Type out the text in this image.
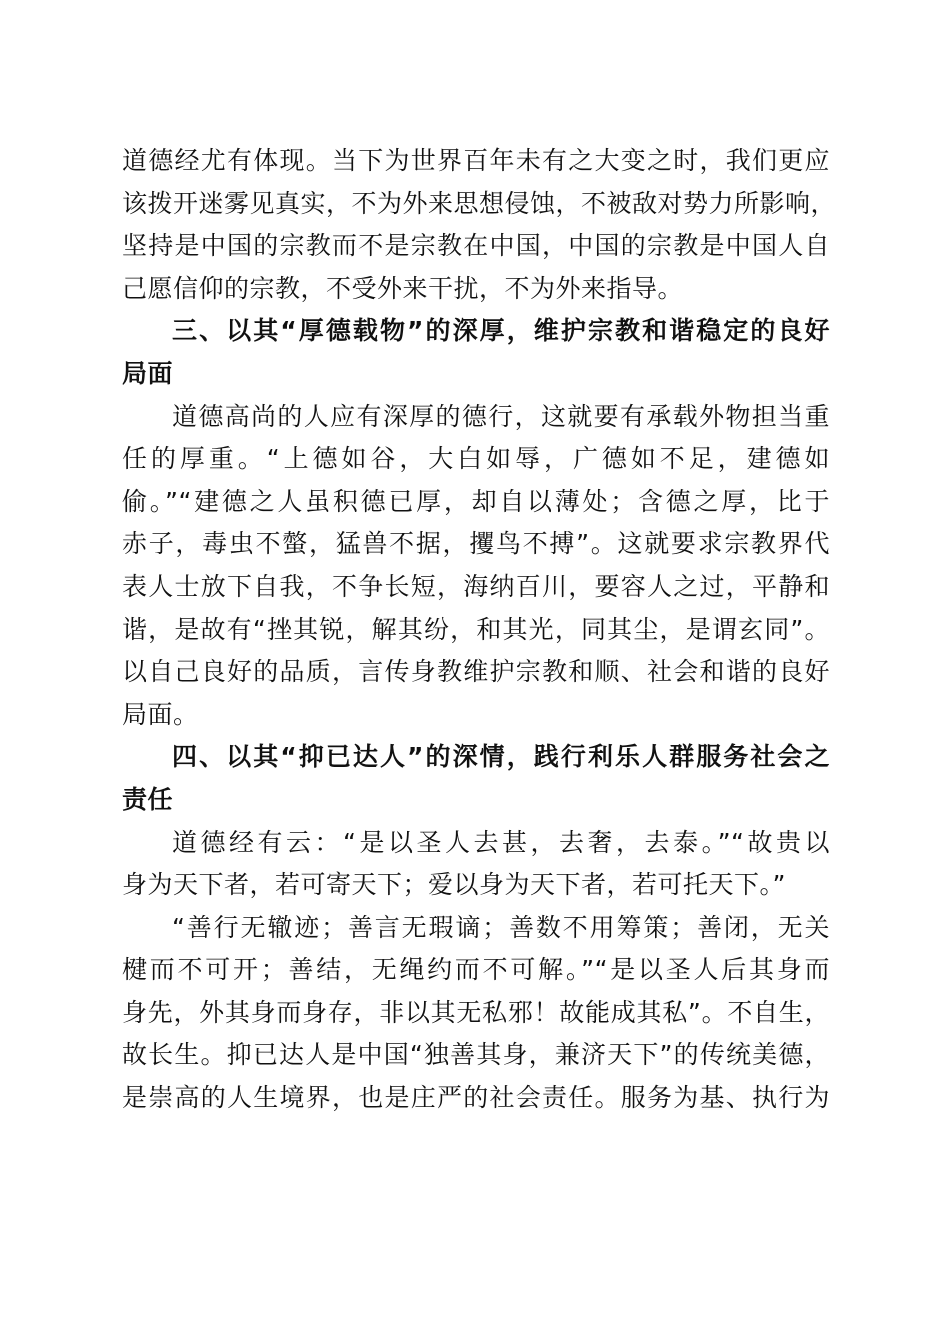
道德经尤有体现。当下为世界百年未有之大变之时，我们更应
该拨开迷雾见真实，不为外来思想侵蚀，不被敌对势力所影响，
坚持是中国的宗教而不是宗教在中国，中国的宗教是中国人自
己愿信仰的宗教，不受外来干扰，不为外来指导。
三、以其“厚德载物”的深厚，维护宗教和谐稳定的良好
局面
道德高尚的人应有深厚的德行，这就要有承载外物担当重
任的厚重。“上德如谷，大白如辱，广德如不足，建德如
偷。”“建德之人虽积德已厚，却自以薄处；含德之厚，比于
赤子，毒虫不螫，猛兽不据，攫鸟不搏”。这就要求宗教界代
表人士放下自我，不争长短，海纳百川，要容人之过，平静和
谐，是故有“挫其锐，解其纷，和其光，同其尘，是谓玄同”。
以自己良好的品质，言传身教维护宗教和顺、社会和谐的良好
局面。
四、以其“抑已达人”的深情，践行利乐人群服务社会之
责任
道德经有云：“是以圣人去甚，去奢，去泰。”“故贵以
身为天下者，若可寄天下；爱以身为天下者，若可托天下。”
“善行无辙迹；善言无瑕谪；善数不用筹策；善闭，无关
楗而不可开；善结，无绳约而不可解。”“是以圣人后其身而
身先，外其身而身存，非以其无私邪！故能成其私”。不自生，
故长生。抑已达人是中国“独善其身，兼济天下”的传统美德，
是崇高的人生境界，也是庄严的社会责任。服务为基、执行为
